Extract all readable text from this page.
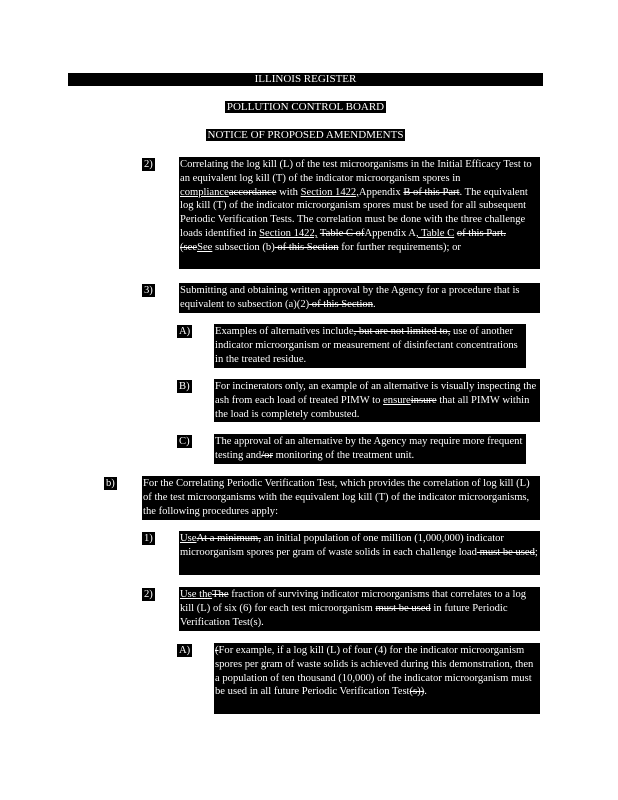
ILLINOIS REGISTER
POLLUTION CONTROL BOARD
NOTICE OF PROPOSED AMENDMENTS
2)	Correlating the log kill (L) of the test microorganisms in the Initial Efficacy Test to an equivalent log kill (T) of the indicator microorganism spores in complianceaccordance with Section 1422,Appendix B of this Part. The equivalent log kill (T) of the indicator microorganism spores must be used for all subsequent Periodic Verification Tests. The correlation must be done with the three challenge loads identified in Section 1422, Table C ofAppendix A, Table C of this Part. (seeSee subsection (b) of this Section for further requirements); or
3)	Submitting and obtaining written approval by the Agency for a procedure that is equivalent to subsection (a)(2) of this Section.
A) Examples of alternatives include, but are not limited to, use of another indicator microorganism or measurement of disinfectant concentrations in the treated residue.
B) For incinerators only, an example of an alternative is visually inspecting the ash from each load of treated PIMW to ensureinsure that all PIMW within the load is completely combusted.
C) The approval of an alternative by the Agency may require more frequent testing and/or monitoring of the treatment unit.
b)	For the Correlating Periodic Verification Test, which provides the correlation of log kill (L) of the test microorganisms with the equivalent log kill (T) of the indicator microorganisms, the following procedures apply:
1)	UseAt a minimum, an initial population of one million (1,000,000) indicator microorganism spores per gram of waste solids in each challenge load must be used;
2)	Use theThe fraction of surviving indicator microorganisms that correlates to a log kill (L) of six (6) for each test microorganism must be used in future Periodic Verification Test(s).
A) (For example, if a log kill (L) of four (4) for the indicator microorganism spores per gram of waste solids is achieved during this demonstration, then a population of ten thousand (10,000) of the indicator microorganism must be used in all future Periodic Verification Test(s)).
